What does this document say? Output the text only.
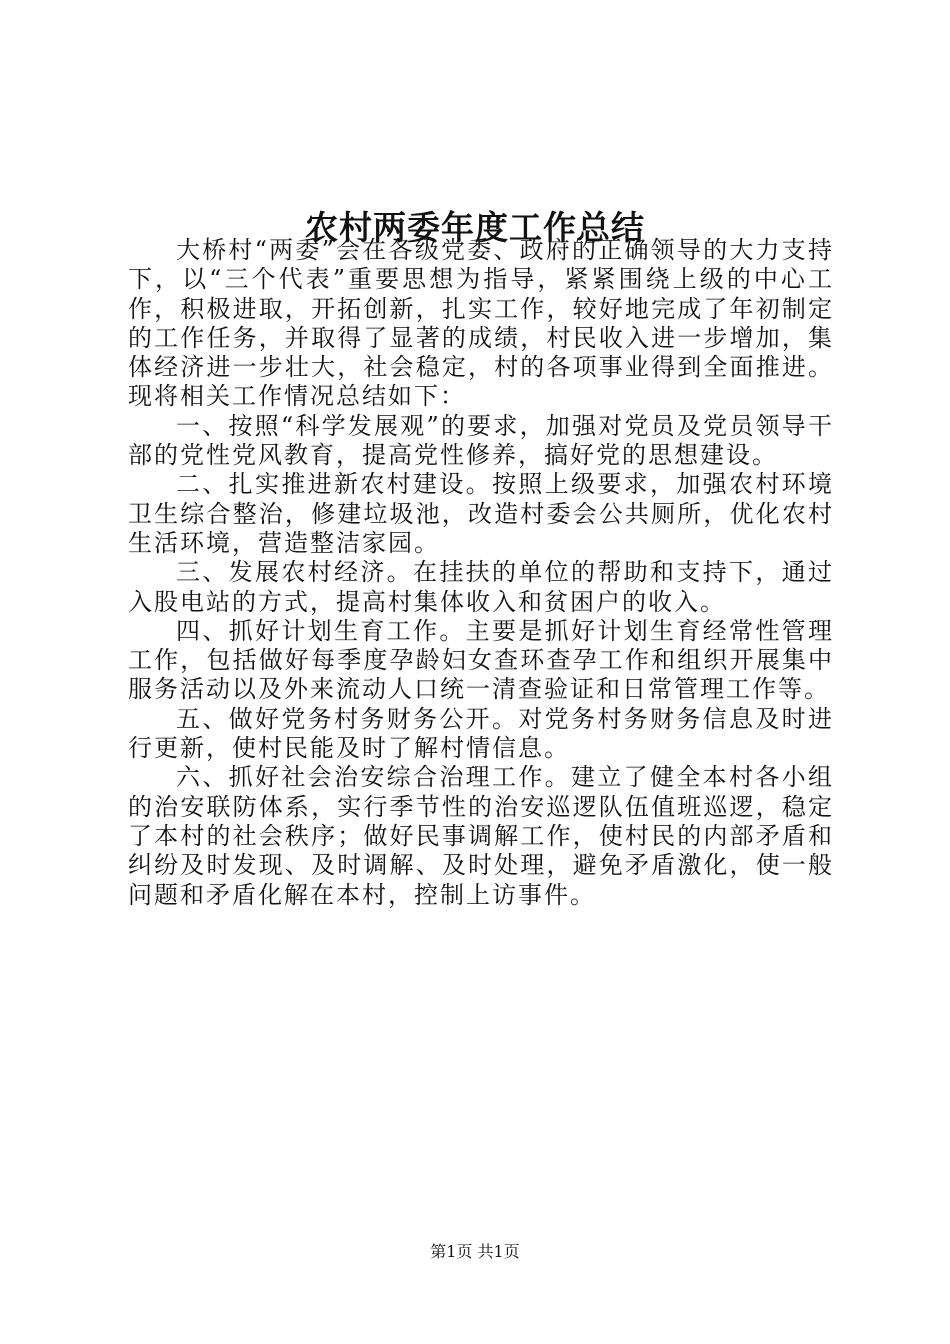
农村两委年度工作总结

大桥村“两委”会在各级党委、政府的正确领导的大力支持下，以“三个代表”重要思想为指导，紧紧围绕上级的中心工作，积极进取，开拓创新，扎实工作，较好地完成了年初制定的工作任务，并取得了显著的成绩，村民收入进一步增加，集体经济进一步壮大，社会稳定，村的各项事业得到全面推进。现将相关工作情况总结如下：

一、按照“科学发展观”的要求，加强对党员及党员领导干部的党性党风教育，提高党性修养，搞好党的思想建设。

二、扎实推进新农村建设。按照上级要求，加强农村环境卫生综合整治，修建垃圾池，改造村委会公共厕所，优化农村生活环境，营造整洁家园。

三、发展农村经济。在挂扶的单位的帮助和支持下，通过入股电站的方式，提高村集体收入和贫困户的收入。

四、抓好计划生育工作。主要是抓好计划生育经常性管理工作，包括做好每季度孕龄妇女查环查孕工作和组织开展集中服务活动以及外来流动人口统一清查验证和日常管理工作等。

五、做好党务村务财务公开。对党务村务财务信息及时进行更新，使村民能及时了解村情信息。

六、抓好社会治安综合治理工作。建立了健全本村各小组的治安联防体系，实行季节性的治安巡逻队伍值班巡逻，稳定了本村的社会秩序；做好民事调解工作，使村民的内部矛盾和纠纷及时发现、及时调解、及时处理，避免矛盾激化，使一般问题和矛盾化解在本村，控制上访事件。

第1页 共1页
